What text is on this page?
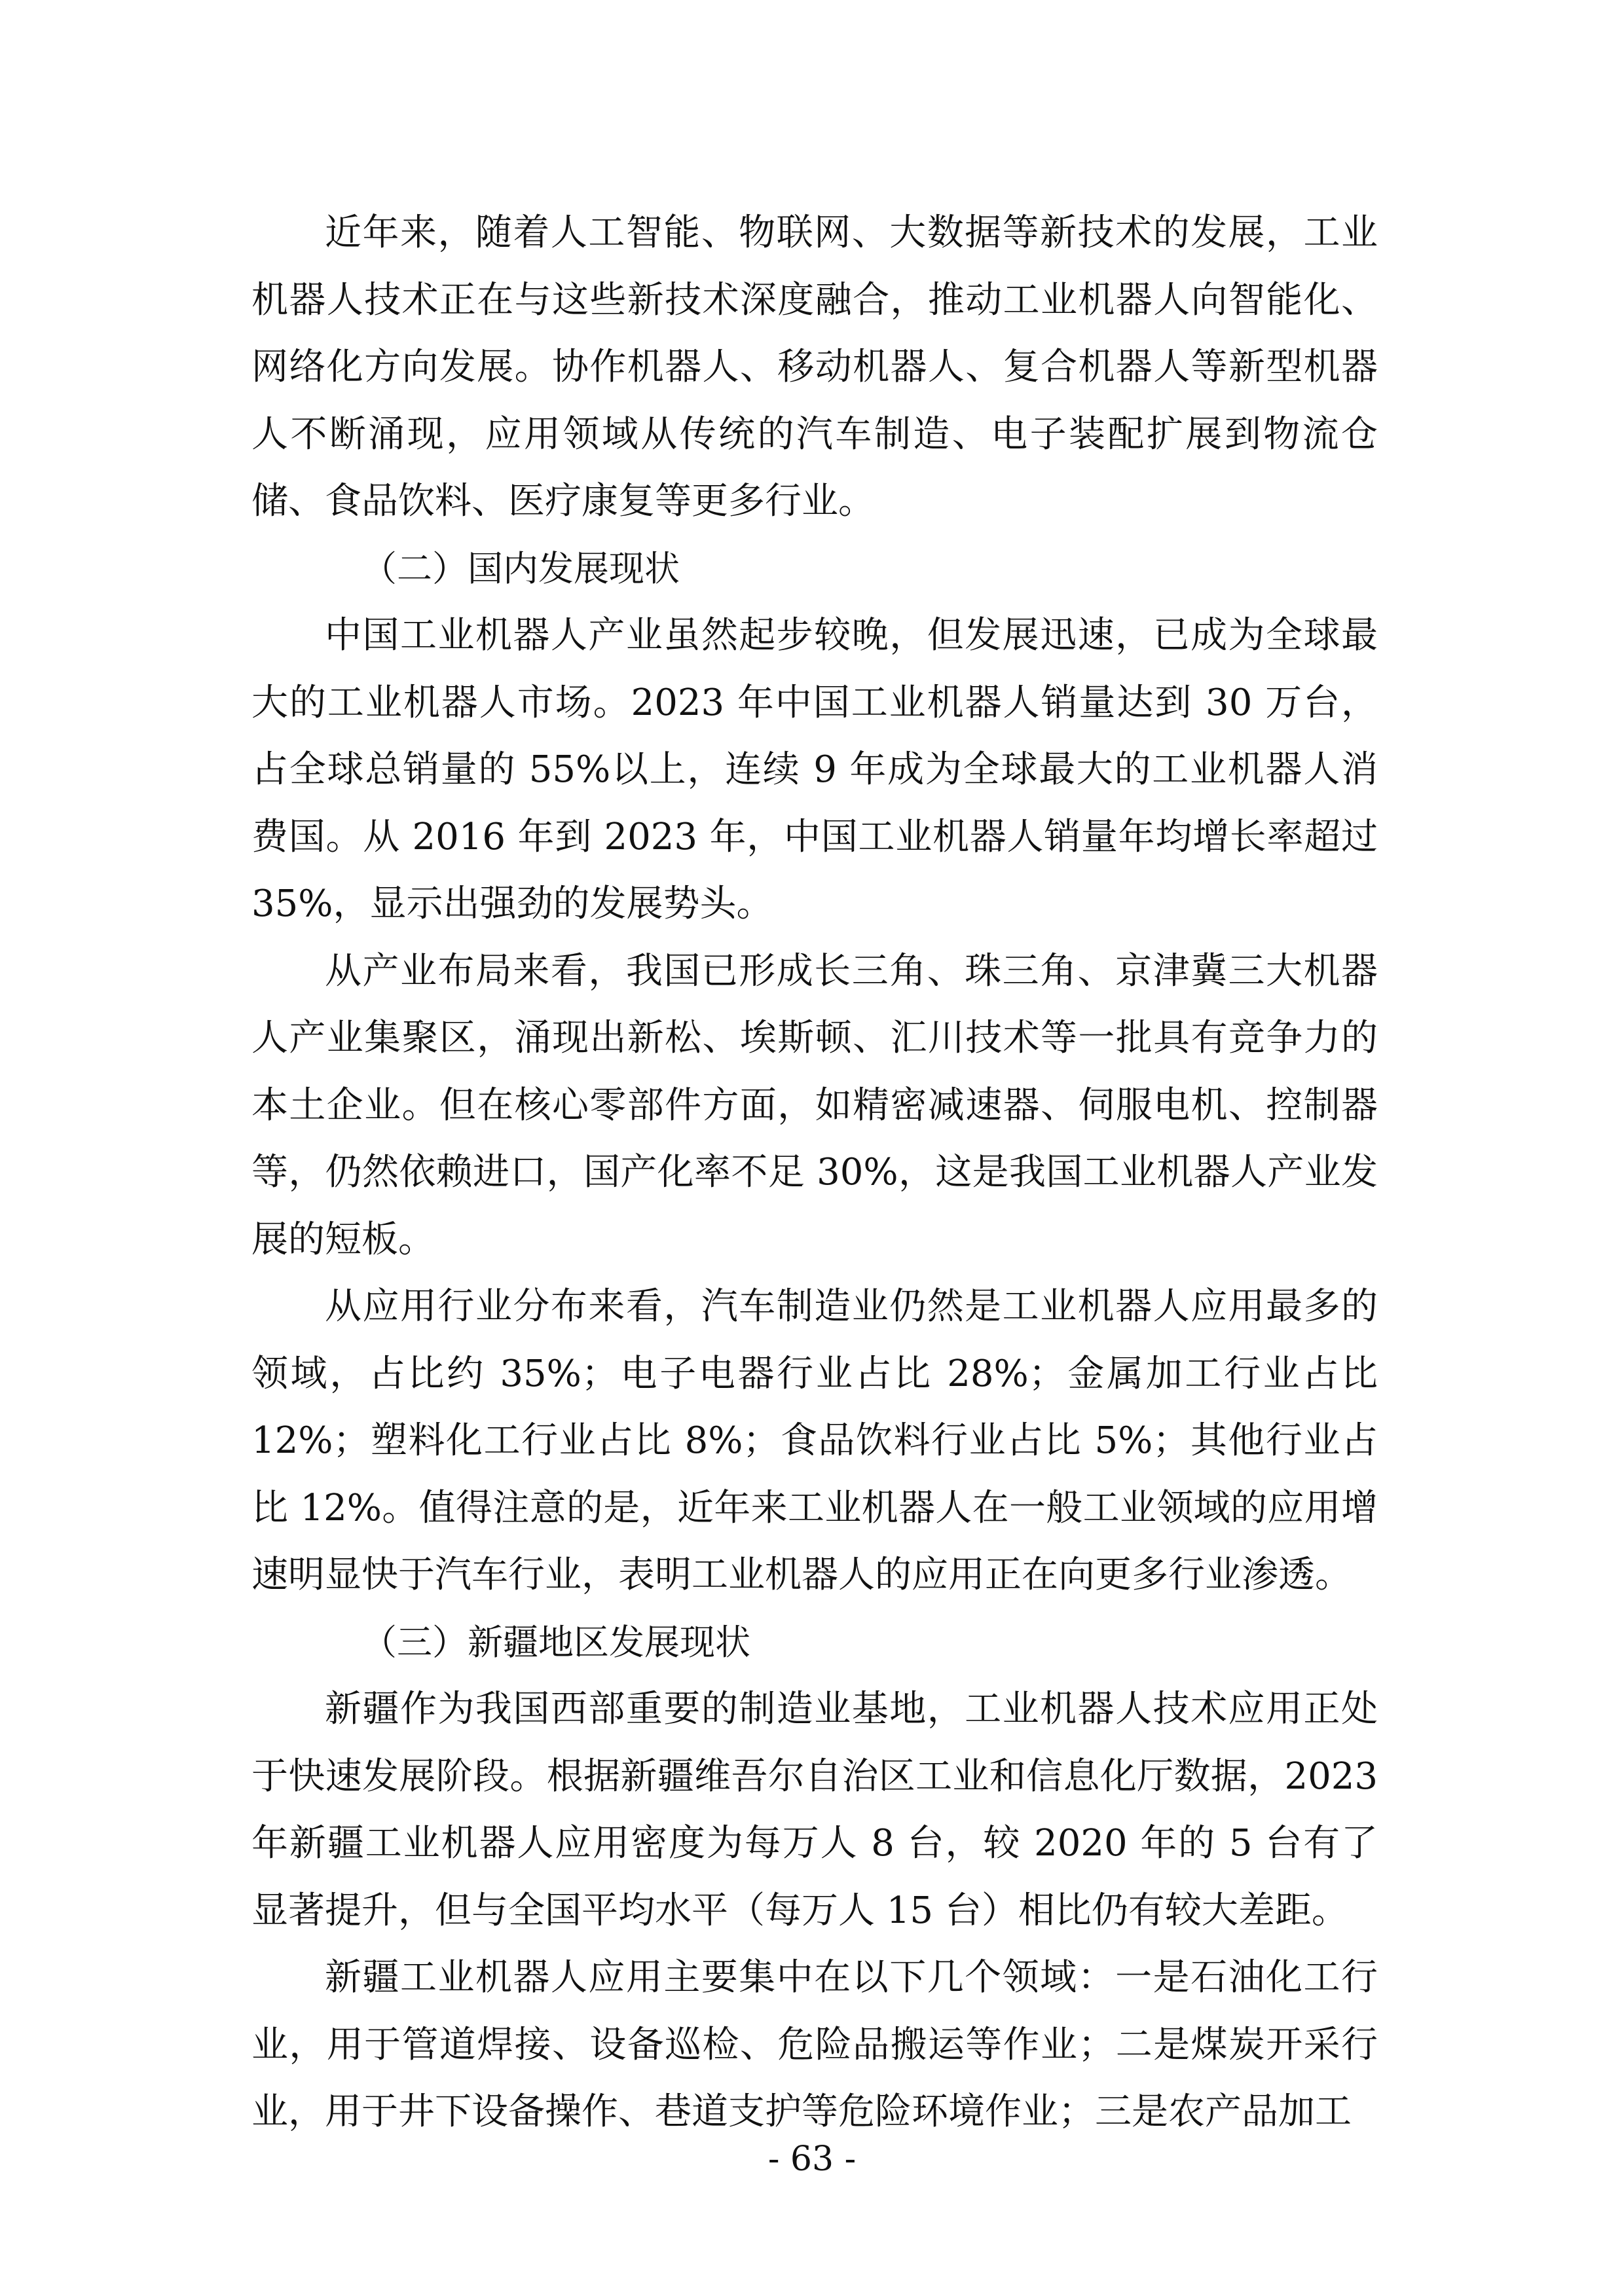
近年来，随着人工智能、物联网、大数据等新技术的发展，工业机器人技术正在与这些新技术深度融合，推动工业机器人向智能化、网络化方向发展。协作机器人、移动机器人、复合机器人等新型机器人不断涌现，应用领域从传统的汽车制造、电子装配扩展到物流仓储、食品饮料、医疗康复等更多行业。

（二）国内发展现状

中国工业机器人产业虽然起步较晚，但发展迅速，已成为全球最大的工业机器人市场。2023 年中国工业机器人销量达到 30 万台，占全球总销量的 55%以上，连续 9 年成为全球最大的工业机器人消费国。从 2016 年到 2023 年，中国工业机器人销量年均增长率超过 35%，显示出强劲的发展势头。

从产业布局来看，我国已形成长三角、珠三角、京津冀三大机器人产业集聚区，涌现出新松、埃斯顿、汇川技术等一批具有竞争力的本土企业。但在核心零部件方面，如精密减速器、伺服电机、控制器等，仍然依赖进口，国产化率不足 30%，这是我国工业机器人产业发展的短板。

从应用行业分布来看，汽车制造业仍然是工业机器人应用最多的领域，占比约 35%；电子电器行业占比 28%；金属加工行业占比 12%；塑料化工行业占比 8%；食品饮料行业占比 5%；其他行业占比 12%。值得注意的是，近年来工业机器人在一般工业领域的应用增速明显快于汽车行业，表明工业机器人的应用正在向更多行业渗透。

（三）新疆地区发展现状

新疆作为我国西部重要的制造业基地，工业机器人技术应用正处于快速发展阶段。根据新疆维吾尔自治区工业和信息化厅数据，2023 年新疆工业机器人应用密度为每万人 8 台，较 2020 年的 5 台有了显著提升，但与全国平均水平（每万人 15 台）相比仍有较大差距。

新疆工业机器人应用主要集中在以下几个领域：一是石油化工行业，用于管道焊接、设备巡检、危险品搬运等作业；二是煤炭开采行业，用于井下设备操作、巷道支护等危险环境作业；三是农产品加工

- 63 -
